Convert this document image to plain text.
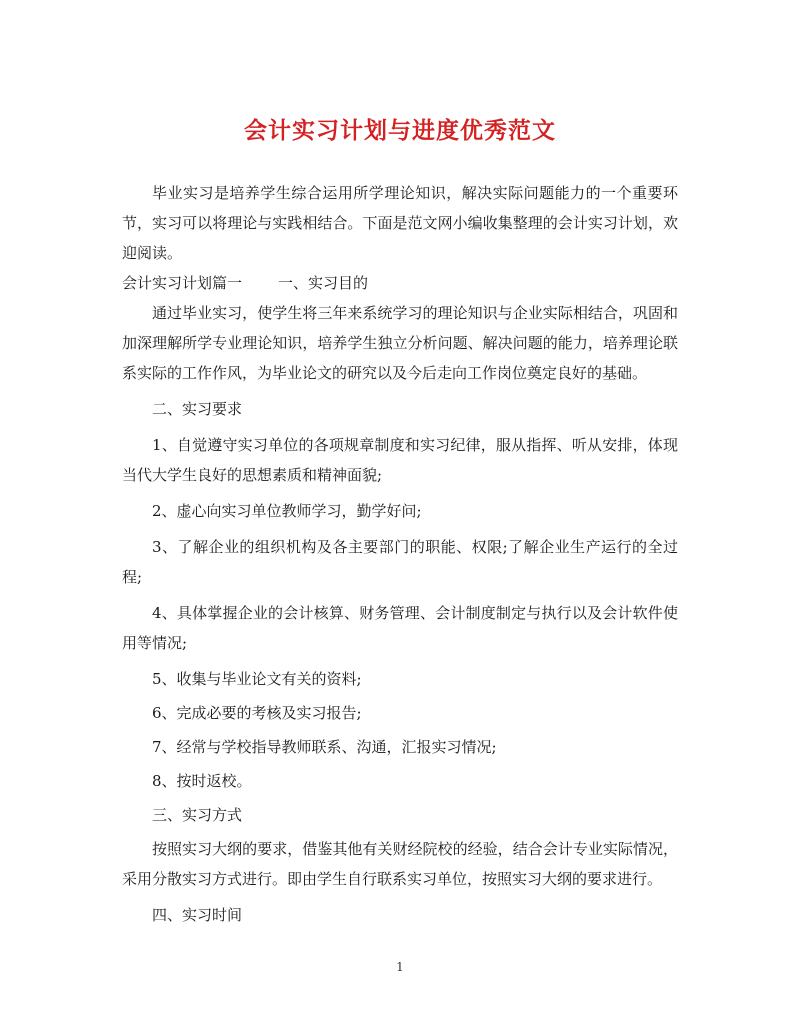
会计实习计划与进度优秀范文

毕业实习是培养学生综合运用所学理论知识，解决实际问题能力的一个重要环节，实习可以将理论与实践相结合。下面是范文网小编收集整理的会计实习计划，欢迎阅读。

会计实习计划篇一 一、实习目的

通过毕业实习，使学生将三年来系统学习的理论知识与企业实际相结合，巩固和加深理解所学专业理论知识，培养学生独立分析问题、解决问题的能力，培养理论联系实际的工作作风，为毕业论文的研究以及今后走向工作岗位奠定良好的基础。

二、实习要求

1、自觉遵守实习单位的各项规章制度和实习纪律，服从指挥、听从安排，体现当代大学生良好的思想素质和精神面貌;

2、虚心向实习单位教师学习，勤学好问;

3、了解企业的组织机构及各主要部门的职能、权限;了解企业生产运行的全过程;

4、具体掌握企业的会计核算、财务管理、会计制度制定与执行以及会计软件使用等情况;

5、收集与毕业论文有关的资料;

6、完成必要的考核及实习报告;

7、经常与学校指导教师联系、沟通，汇报实习情况;

8、按时返校。

三、实习方式

按照实习大纲的要求，借鉴其他有关财经院校的经验，结合会计专业实际情况，采用分散实习方式进行。即由学生自行联系实习单位，按照实习大纲的要求进行。

四、实习时间

1
